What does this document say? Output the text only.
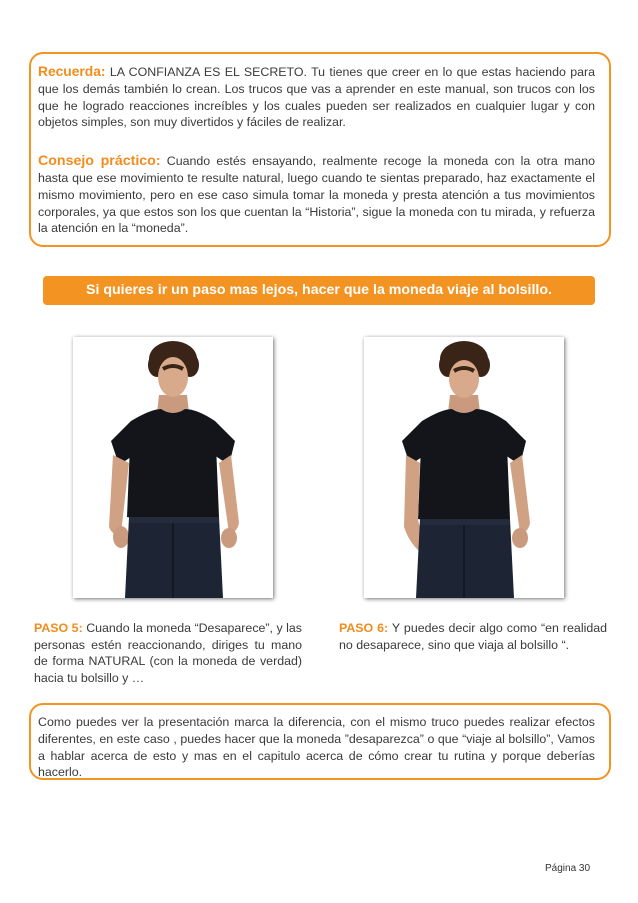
Recuerda: LA CONFIANZA ES EL SECRETO. Tu tienes que creer en lo que estas haciendo para que los demás también lo crean. Los trucos que vas a aprender en este manual, son trucos con los que he logrado reacciones increíbles y los cuales pueden ser realizados en cualquier lugar y con objetos simples, son muy divertidos y fáciles de realizar.

Consejo práctico: Cuando estés ensayando, realmente recoge la moneda con la otra mano hasta que ese movimiento te resulte natural, luego cuando te sientas preparado, haz exactamente el mismo movimiento, pero en ese caso simula tomar la moneda y presta atención a tus movimientos corporales, ya que estos son los que cuentan la “Historia”, sigue la moneda con tu mirada, y refuerza la atención en la “moneda”.

Si quieres ir un paso mas lejos, hacer que la moneda viaje al bolsillo.
PASO 5: Cuando la moneda “Desaparece”, y las personas estén reaccionando, diriges tu mano de forma NATURAL (con la moneda de verdad) hacia tu bolsillo y …
PASO 6: Y puedes decir algo como “en realidad no desaparece, sino que viaja al bolsillo “.

Como puedes ver la presentación marca la diferencia, con el mismo truco puedes realizar efectos diferentes, en este caso , puedes hacer que la moneda ”desaparezca” o que “viaje al bolsillo”, Vamos a hablar acerca de esto y mas en el capitulo acerca de cómo crear tu rutina y porque deberías hacerlo.

Página 30
